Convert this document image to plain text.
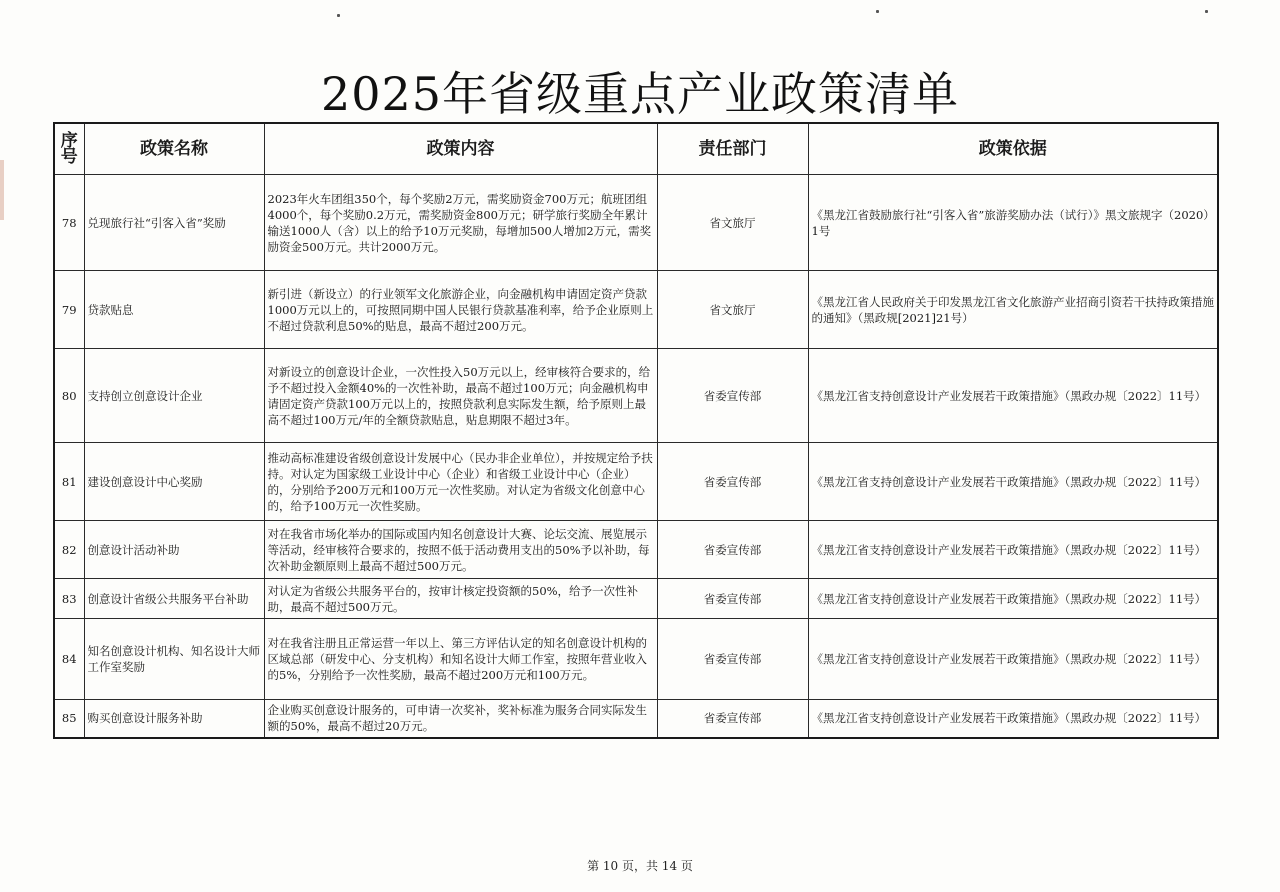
2025年省级重点产业政策清单
序号	政策名称	政策内容	责任部门	政策依据
78	兑现旅行社“引客入省”奖励	2023年火车团组350个，每个奖励2万元，需奖励资金700万元；航班团组4000个，每个奖励0.2万元，需奖励资金800万元；研学旅行奖励全年累计输送1000人（含）以上的给予10万元奖励，每增加500人增加2万元，需奖励资金500万元。共计2000万元。	省文旅厅	《黑龙江省鼓励旅行社“引客入省”旅游奖励办法（试行）》黑文旅规字（2020）1号
79	贷款贴息	新引进（新设立）的行业领军文化旅游企业，向金融机构申请固定资产贷款1000万元以上的，可按照同期中国人民银行贷款基准利率，给予企业原则上不超过贷款利息50%的贴息，最高不超过200万元。	省文旅厅	《黑龙江省人民政府关于印发黑龙江省文化旅游产业招商引资若干扶持政策措施的通知》（黑政规[2021]21号）
80	支持创立创意设计企业	对新设立的创意设计企业，一次性投入50万元以上，经审核符合要求的，给予不超过投入金额40%的一次性补助，最高不超过100万元；向金融机构申请固定资产贷款100万元以上的，按照贷款利息实际发生额，给予原则上最高不超过100万元/年的全额贷款贴息，贴息期限不超过3年。	省委宣传部	《黑龙江省支持创意设计产业发展若干政策措施》（黑政办规〔2022〕11号）
81	建设创意设计中心奖励	推动高标准建设省级创意设计发展中心（民办非企业单位），并按规定给予扶持。对认定为国家级工业设计中心（企业）和省级工业设计中心（企业）的，分别给予200万元和100万元一次性奖励。对认定为省级文化创意中心的，给予100万元一次性奖励。	省委宣传部	《黑龙江省支持创意设计产业发展若干政策措施》（黑政办规〔2022〕11号）
82	创意设计活动补助	对在我省市场化举办的国际或国内知名创意设计大赛、论坛交流、展览展示等活动，经审核符合要求的，按照不低于活动费用支出的50%予以补助，每次补助金额原则上最高不超过500万元。	省委宣传部	《黑龙江省支持创意设计产业发展若干政策措施》（黑政办规〔2022〕11号）
83	创意设计省级公共服务平台补助	对认定为省级公共服务平台的，按审计核定投资额的50%，给予一次性补助，最高不超过500万元。	省委宣传部	《黑龙江省支持创意设计产业发展若干政策措施》（黑政办规〔2022〕11号）
84	知名创意设计机构、知名设计大师工作室奖励	对在我省注册且正常运营一年以上、第三方评估认定的知名创意设计机构的区域总部（研发中心、分支机构）和知名设计大师工作室，按照年营业收入的5%，分别给予一次性奖励，最高不超过200万元和100万元。	省委宣传部	《黑龙江省支持创意设计产业发展若干政策措施》（黑政办规〔2022〕11号）
85	购买创意设计服务补助	企业购买创意设计服务的，可申请一次奖补，奖补标准为服务合同实际发生额的50%，最高不超过20万元。	省委宣传部	《黑龙江省支持创意设计产业发展若干政策措施》（黑政办规〔2022〕11号）
第 10 页，共 14 页
